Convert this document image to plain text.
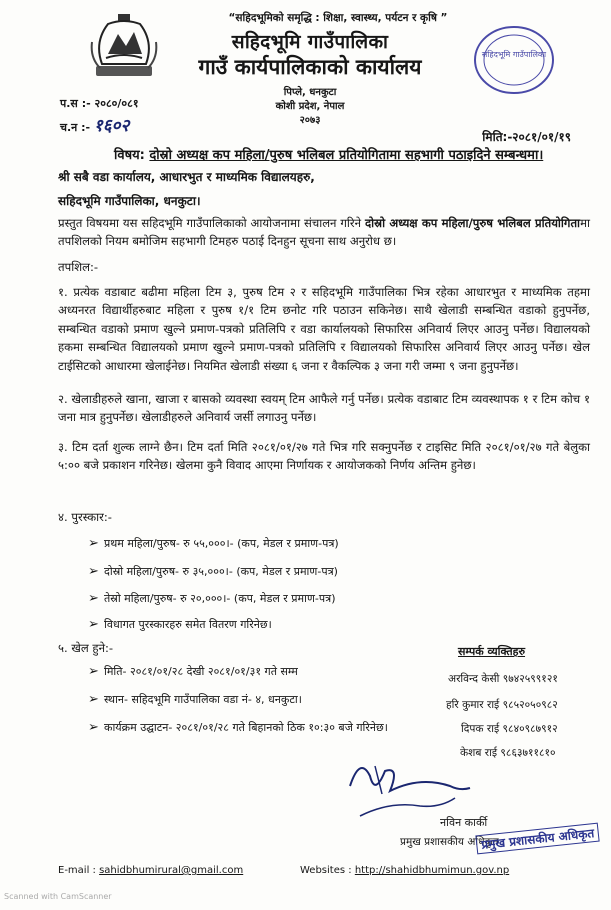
“सहिदभूमिको समृद्धि : शिक्षा, स्वास्थ्य, पर्यटन र कृषि ”
सहिदभूमि गाउँपालिका
गाउँ कार्यपालिकाको कार्यालय
पिप्ले, धनकुटा
कोशी प्रदेश, नेपाल
२०७३
सहिदभूमि गाउँपालिका
प.स :- २०८०/०८१
च.न :- १६०२
मिति:-२०८१/०१/१९
विषय: दोस्रो अध्यक्ष कप महिला/पुरुष भलिबल प्रतियोगितामा सहभागी पठाइदिने सम्बन्धमा।
श्री सबै वडा कार्यालय, आधारभुत र माध्यमिक विद्यालयहरु,
सहिदभूमि गाउँपालिका, धनकुटा।
प्रस्तुत विषयमा यस सहिदभूमि गाउँपालिकाको आयोजनामा संचालन गरिने दोस्रो अध्यक्ष कप महिला/पुरुष भलिबल प्रतियोगितामा तपशिलको नियम बमोजिम सहभागी टिमहरु पठाई दिनहुन सूचना साथ अनुरोध छ।
तपशिल:-
१. प्रत्येक वडाबाट बढीमा महिला टिम ३, पुरुष टिम २ र सहिदभूमि गाउँपालिका भित्र रहेका आधारभुत र माध्यमिक तहमा अध्यनरत विद्यार्थीहरुबाट महिला र पुरुष १/१ टिम छनोट गरि पठाउन सकिनेछ। साथै खेलाडी सम्बन्धित वडाको हुनुपर्नेछ, सम्बन्धित वडाको प्रमाण खुल्ने प्रमाण-पत्रको प्रतिलिपि र वडा कार्यालयको सिफारिस अनिवार्य लिएर आउनु पर्नेछ। विद्यालयको हकमा सम्बन्धित विद्यालयको प्रमाण खुल्ने प्रमाण-पत्रको प्रतिलिपि र विद्यालयको सिफारिस अनिवार्य लिएर आउनु पर्नेछ। खेल टाईसिटको आधारमा खेलाईनेछ। नियमित खेलाडी संख्या ६ जना र वैकल्पिक ३ जना गरी जम्मा ९ जना हुनुपर्नेछ।
२. खेलाडीहरुले खाना, खाजा र बासको व्यवस्था स्वयम् टिम आफैले गर्नु पर्नेछ। प्रत्येक वडाबाट टिम व्यवस्थापक १ र टिम कोच १ जना मात्र हुनुपर्नेछ। खेलाडीहरुले अनिवार्य जर्सी लगाउनु पर्नेछ।
३. टिम दर्ता शुल्क लाग्ने छैन। टिम दर्ता मिति २०८१/०१/२७ गते भित्र गरि सक्नुपर्नेछ र टाइसिट मिति २०८१/०१/२७ गते बेलुका ५:०० बजे प्रकाशन गरिनेछ। खेलमा कुनै विवाद आएमा निर्णायक र आयोजकको निर्णय अन्तिम हुनेछ।
४. पुरस्कार:-
➢ प्रथम महिला/पुरुष- रु ५५,०००।- (कप, मेडल र प्रमाण-पत्र)
➢ दोस्रो महिला/पुरुष- रु ३५,०००।- (कप, मेडल र प्रमाण-पत्र)
➢ तेस्रो महिला/पुरुष- रु २०,०००।- (कप, मेडल र प्रमाण-पत्र)
➢ विधागत पुरस्कारहरु समेत वितरण गरिनेछ।
५. खेल हुने:-
➢ मिति- २०८१/०१/२८ देखी २०८१/०१/३१ गते सम्म
➢ स्थान- सहिदभूमि गाउँपालिका वडा नं- ४, धनकुटा।
➢ कार्यक्रम उद्घाटन- २०८१/०१/२८ गते बिहानको ठिक १०:३० बजे गरिनेछ।
सम्पर्क व्यक्तिहरु
अरविन्द केसी ९७४२५९९१२१
हरि कुमार राई ९८५२०५०९८२
दिपक राई ९८४०९८७९१२
केशब राई ९८६३७११८१०
नविन कार्की
प्रमुख प्रशासकीय अधिकृत
प्रमुख प्रशासकीय अधिकृत
E-mail : sahidbhumirural@gmail.com	Websites : http://shahidbhumimun.gov.np
Scanned with CamScanner
